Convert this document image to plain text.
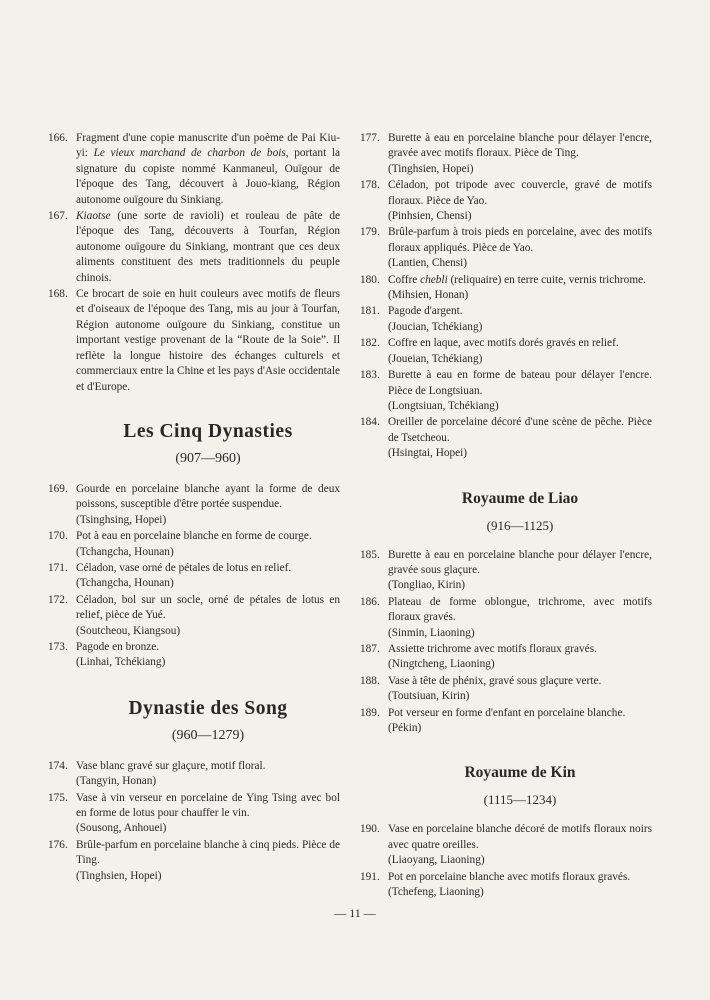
166. Fragment d'une copie manuscrite d'un poème de Pai Kiu-yi: Le vieux marchand de charbon de bois, portant la signature du copiste nommé Kanmaneul, Ouïgour de l'époque des Tang, découvert à Jouo-kiang, Région autonome ouïgoure du Sinkiang.
167. Kiaotse (une sorte de ravioli) et rouleau de pâte de l'époque des Tang, découverts à Tourfan, Région autonome ouïgoure du Sinkiang, montrant que ces deux aliments constituent des mets traditionnels du peuple chinois.
168. Ce brocart de soie en huit couleurs avec motifs de fleurs et d'oiseaux de l'époque des Tang, mis au jour à Tourfan, Région autonome ouïgoure du Sinkiang, constitue un important vestige provenant de la “Route de la Soie”. Il reflète la longue histoire des échanges culturels et commerciaux entre la Chine et les pays d'Asie occidentale et d'Europe.
Les Cinq Dynasties
(907—960)
169. Gourde en porcelaine blanche ayant la forme de deux poissons, susceptible d'être portée suspendue.
(Tsinghsing, Hopei)
170. Pot à eau en porcelaine blanche en forme de courge.
(Tchangcha, Hounan)
171. Céladon, vase orné de pétales de lotus en relief.
(Tchangcha, Hounan)
172. Céladon, bol sur un socle, orné de pétales de lotus en relief, pièce de Yué.
(Soutcheou, Kiangsou)
173. Pagode en bronze.
(Linhai, Tchékiang)
Dynastie des Song
(960—1279)
174. Vase blanc gravé sur glaçure, motif floral.
(Tangyin, Honan)
175. Vase à vin verseur en porcelaine de Ying Tsing avec bol en forme de lotus pour chauffer le vin.
(Sousong, Anhouei)
176. Brûle-parfum en porcelaine blanche à cinq pieds. Pièce de Ting.
(Tinghsien, Hopei)
177. Burette à eau en porcelaine blanche pour délayer l'encre, gravée avec motifs floraux. Pièce de Ting.
(Tinghsien, Hopei)
178. Céladon, pot tripode avec couvercle, gravé de motifs floraux. Pièce de Yao.
(Pinhsien, Chensi)
179. Brûle-parfum à trois pieds en porcelaine, avec des motifs floraux appliqués. Pièce de Yao.
(Lantien, Chensi)
180. Coffre chebli (reliquaire) en terre cuite, vernis trichrome.
(Mihsien, Honan)
181. Pagode d'argent.
(Joucian, Tchékiang)
182. Coffre en laque, avec motifs dorés gravés en relief.
(Joueian, Tchékiang)
183. Burette à eau en forme de bateau pour délayer l'encre. Pièce de Longtsiuan.
(Longtsiuan, Tchékiang)
184. Oreiller de porcelaine décoré d'une scène de pêche. Pièce de Tsetcheou.
(Hsingtai, Hopei)
Royaume de Liao
(916—1125)
185. Burette à eau en porcelaine blanche pour délayer l'encre, gravée sous glaçure.
(Tongliao, Kirin)
186. Plateau de forme oblongue, trichrome, avec motifs floraux gravés.
(Sinmin, Liaoning)
187. Assiette trichrome avec motifs floraux gravés.
(Ningtcheng, Liaoning)
188. Vase à tête de phénix, gravé sous glaçure verte.
(Toutsiuan, Kirin)
189. Pot verseur en forme d'enfant en porcelaine blanche.
(Pékin)
Royaume de Kin
(1115—1234)
190. Vase en porcelaine blanche décoré de motifs floraux noirs avec quatre oreilles.
(Liaoyang, Liaoning)
191. Pot en porcelaine blanche avec motifs floraux gravés.
(Tchefeng, Liaoning)
— 11 —
